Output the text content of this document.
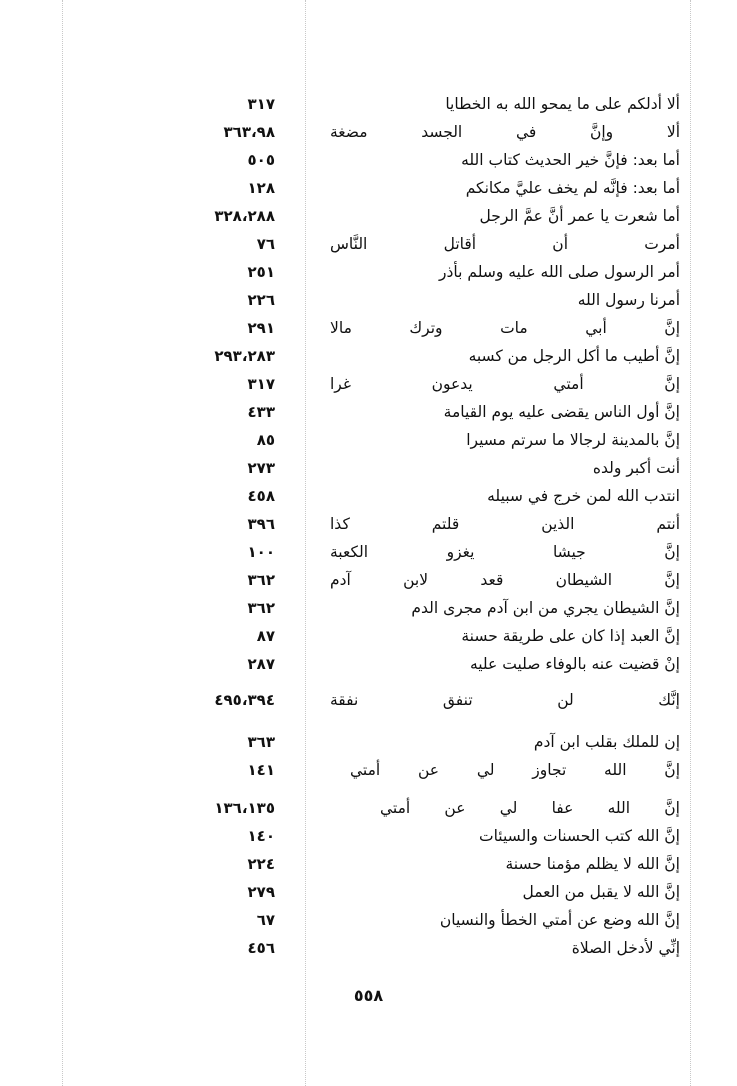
ألا أدلكم على ما يمحو الله به الخطايا
٣١٧
ألا وإنَّ في الجسد مضغة
٣٦٣،٩٨
أما بعد: فإنَّ خير الحديث كتاب الله
٥٠٥
أما بعد: فإنَّه لم يخف عليَّ مكانكم
١٢٨
أما شعرت يا عمر أنَّ عمَّ الرجل
٣٢٨،٢٨٨
أمرت أن أقاتل النَّاس
٧٦
أمر الرسول صلى الله عليه وسلم بأذر
٢٥١
أمرنا رسول الله
٢٢٦
إنَّ أبي مات وترك مالا
٢٩١
إنَّ أطيب ما أكل الرجل من كسبه
٢٩٣،٢٨٣
إنَّ أمتي يدعون غرا
٣١٧
إنَّ أول الناس يقضى عليه يوم القيامة
٤٣٣
إنَّ بالمدينة لرجالا ما سرتم مسيرا
٨٥
أنت أكبر ولده
٢٧٣
انتدب الله لمن خرج في سبيله
٤٥٨
أنتم الذين قلتم كذا
٣٩٦
إنَّ جيشا يغزو الكعبة
١٠٠
إنَّ الشيطان قعد لابن آدم
٣٦٢
إنَّ الشيطان يجري من ابن آدم مجرى الدم
٣٦٢
إنَّ العبد إذا كان على طريقة حسنة
٨٧
إنْ قضيت عنه بالوفاء صليت عليه
٢٨٧
إنَّك لن تنفق نفقة
٤٩٥،٣٩٤
إن للملك بقلب ابن آدم
٣٦٣
إنَّ الله تجاوز لي عن أمتي
١٤١
إنَّ الله عفا لي عن أمتي
١٣٦،١٣٥
إنَّ الله كتب الحسنات والسيئات
١٤٠
إنَّ الله لا يظلم مؤمنا حسنة
٢٢٤
إنَّ الله لا يقبل من العمل
٢٧٩
إنَّ الله وضع عن أمتي الخطأ والنسيان
٦٧
إنِّي لأدخل الصلاة
٤٥٦
٥٥٨
